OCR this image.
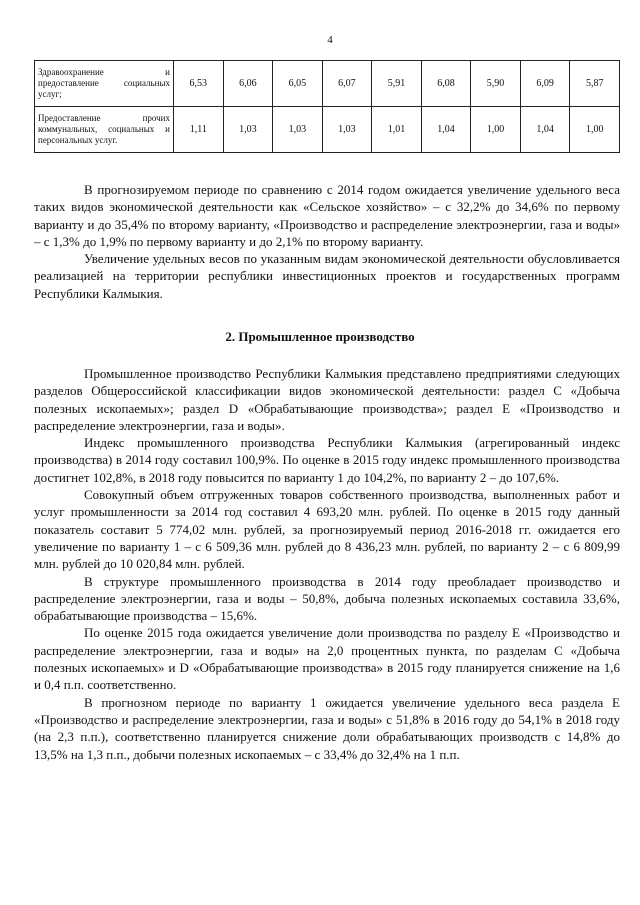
4
Здравоохранение и предоставление социальных услуг;	6,53	6,06	6,05	6,07	5,91	6,08	5,90	6,09	5,87
Предоставление прочих коммунальных, социальных и персональных услуг.	1,11	1,03	1,03	1,03	1,01	1,04	1,00	1,04	1,00

В прогнозируемом периоде по сравнению с 2014 годом ожидается увеличение удельного веса таких видов экономической деятельности как «Сельское хозяйство» – с 32,2% до 34,6% по первому варианту и до 35,4% по второму варианту, «Производство и распределение электроэнергии, газа и воды» – с 1,3% до 1,9% по первому варианту и до 2,1% по второму варианту.

Увеличение удельных весов по указанным видам экономической деятельности обусловливается реализацией на территории республики инвестиционных проектов и государственных программ Республики Калмыкия.

2. Промышленное производство

Промышленное производство Республики Калмыкия представлено предприятиями следующих разделов Общероссийской классификации видов экономической деятельности: раздел С «Добыча полезных ископаемых»; раздел D «Обрабатывающие производства»; раздел Е «Производство и распределение электроэнергии, газа и воды».

Индекс промышленного производства Республики Калмыкия (агрегированный индекс производства) в 2014 году составил 100,9%. По оценке в 2015 году индекс промышленного производства достигнет 102,8%, в 2018 году повысится по варианту 1 до 104,2%, по варианту 2 – до 107,6%.

Совокупный объем отгруженных товаров собственного производства, выполненных работ и услуг промышленности за 2014 год составил 4 693,20 млн. рублей. По оценке в 2015 году данный показатель составит 5 774,02 млн. рублей, за прогнозируемый период 2016-2018 гг. ожидается его увеличение по варианту 1 – с 6 509,36 млн. рублей до 8 436,23 млн. рублей, по варианту 2 – с 6 809,99 млн. рублей до 10 020,84 млн. рублей.

В структуре промышленного производства в 2014 году преобладает производство и распределение электроэнергии, газа и воды – 50,8%, добыча полезных ископаемых составила 33,6%, обрабатывающие производства – 15,6%.

По оценке 2015 года ожидается увеличение доли производства по разделу Е «Производство и распределение электроэнергии, газа и воды» на 2,0 процентных пункта, по разделам С «Добыча полезных ископаемых» и D «Обрабатывающие производства» в 2015 году планируется снижение на 1,6 и 0,4 п.п. соответственно.

В прогнозном периоде по варианту 1 ожидается увеличение удельного веса раздела Е «Производство и распределение электроэнергии, газа и воды» с 51,8% в 2016 году до 54,1% в 2018 году (на 2,3 п.п.), соответственно планируется снижение доли обрабатывающих производств с 14,8% до 13,5% на 1,3 п.п., добычи полезных ископаемых – с 33,4% до 32,4% на 1 п.п.
